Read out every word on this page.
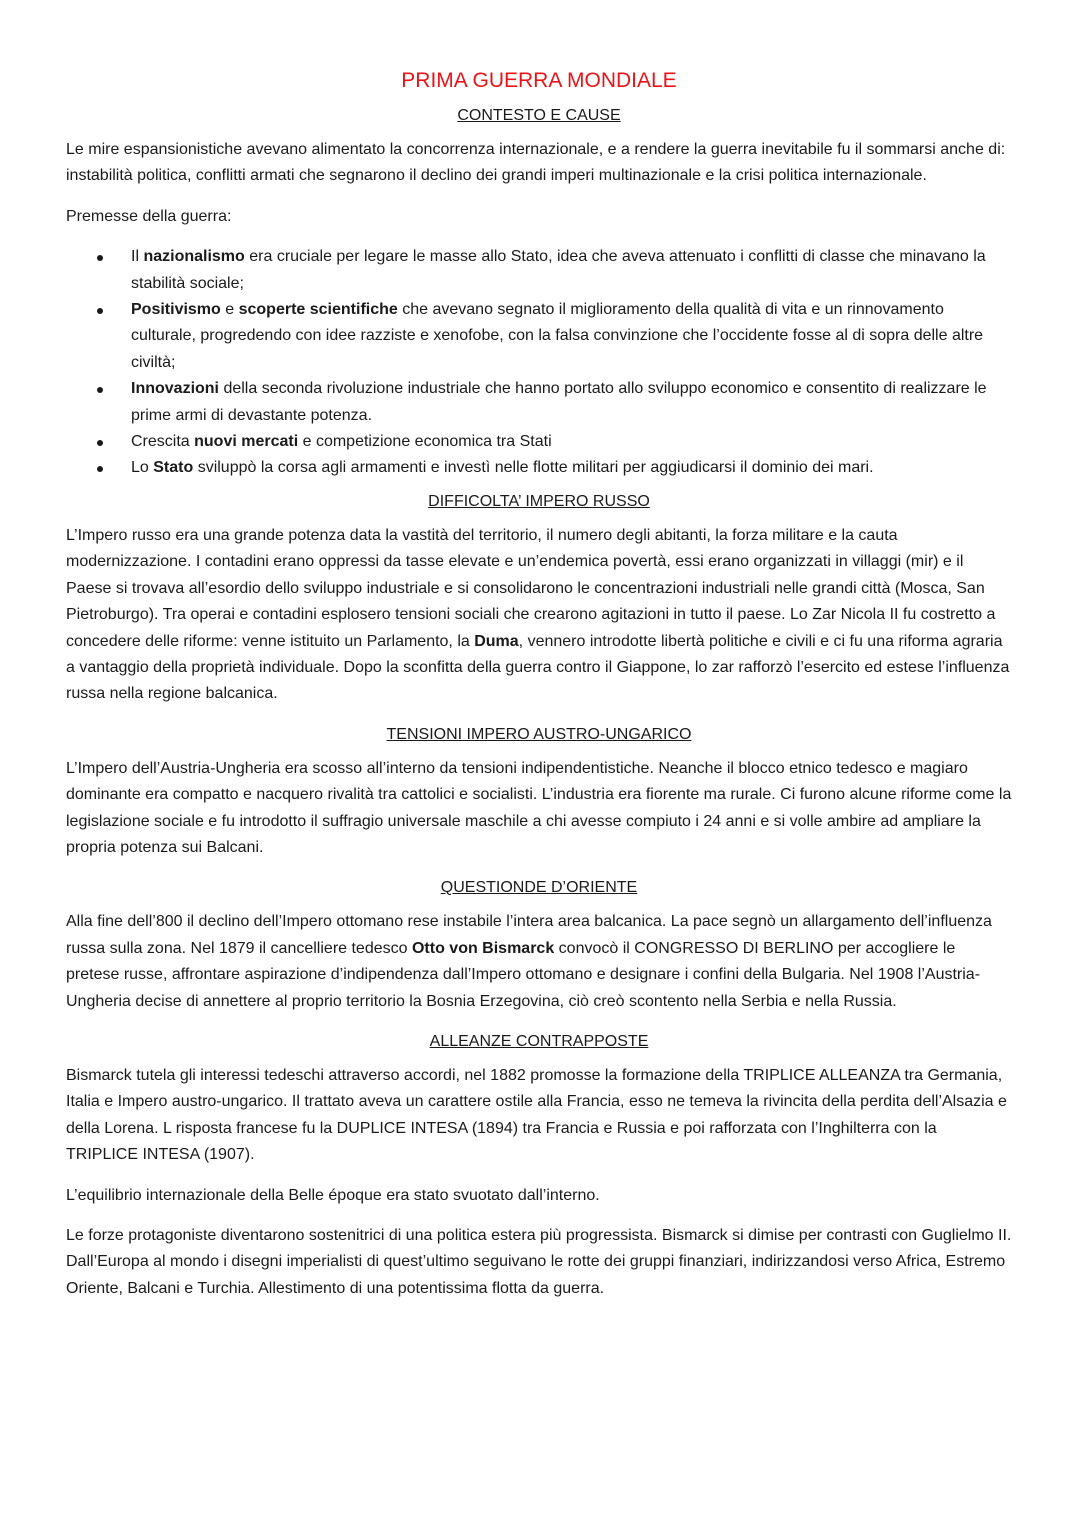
PRIMA GUERRA MONDIALE
CONTESTO E CAUSE

Le mire espansionistiche avevano alimentato la concorrenza internazionale, e a rendere la guerra inevitabile fu il sommarsi anche di: instabilità politica, conflitti armati che segnarono il declino dei grandi imperi multinazionale e la crisi politica internazionale.

Premesse della guerra:

Il nazionalismo era cruciale per legare le masse allo Stato, idea che aveva attenuato i conflitti di classe che minavano la stabilità sociale;
Positivismo e scoperte scientifiche che avevano segnato il miglioramento della qualità di vita e un rinnovamento culturale, progredendo con idee razziste e xenofobe, con la falsa convinzione che l’occidente fosse al di sopra delle altre civiltà;
Innovazioni della seconda rivoluzione industriale che hanno portato allo sviluppo economico e consentito di realizzare le prime armi di devastante potenza.
Crescita nuovi mercati e competizione economica tra Stati
Lo Stato sviluppò la corsa agli armamenti e investì nelle flotte militari per aggiudicarsi il dominio dei mari.
DIFFICOLTA’ IMPERO RUSSO

L’Impero russo era una grande potenza data la vastità del territorio, il numero degli abitanti, la forza militare e la cauta modernizzazione. I contadini erano oppressi da tasse elevate e un’endemica povertà, essi erano organizzati in villaggi (mir) e il Paese si trovava all’esordio dello sviluppo industriale e si consolidarono le concentrazioni industriali nelle grandi città (Mosca, San Pietroburgo). Tra operai e contadini esplosero tensioni sociali che crearono agitazioni in tutto il paese. Lo Zar Nicola II fu costretto a concedere delle riforme: venne istituito un Parlamento, la Duma, vennero introdotte libertà politiche e civili e ci fu una riforma agraria a vantaggio della proprietà individuale. Dopo la sconfitta della guerra contro il Giappone, lo zar rafforzò l’esercito ed estese l’influenza russa nella regione balcanica.

TENSIONI IMPERO AUSTRO-UNGARICO

L’Impero dell’Austria-Ungheria era scosso all’interno da tensioni indipendentistiche. Neanche il blocco etnico tedesco e magiaro dominante era compatto e nacquero rivalità tra cattolici e socialisti. L’industria era fiorente ma rurale. Ci furono alcune riforme come la legislazione sociale e fu introdotto il suffragio universale maschile a chi avesse compiuto i 24 anni e si volle ambire ad ampliare la propria potenza sui Balcani.

QUESTIONDE D’ORIENTE

Alla fine dell’800 il declino dell’Impero ottomano rese instabile l’intera area balcanica. La pace segnò un allargamento dell’influenza russa sulla zona. Nel 1879 il cancelliere tedesco Otto von Bismarck convocò il CONGRESSO DI BERLINO per accogliere le pretese russe, affrontare aspirazione d’indipendenza dall’Impero ottomano e designare i confini della Bulgaria. Nel 1908 l’Austria-Ungheria decise di annettere al proprio territorio la Bosnia Erzegovina, ciò creò scontento nella Serbia e nella Russia.

ALLEANZE CONTRAPPOSTE

Bismarck tutela gli interessi tedeschi attraverso accordi, nel 1882 promosse la formazione della TRIPLICE ALLEANZA tra Germania, Italia e Impero austro-ungarico. Il trattato aveva un carattere ostile alla Francia, esso ne temeva la rivincita della perdita dell’Alsazia e della Lorena. L risposta francese fu la DUPLICE INTESA (1894) tra Francia e Russia e poi rafforzata con l’Inghilterra con la TRIPLICE INTESA (1907).

L’equilibrio internazionale della Belle époque era stato svuotato dall’interno.

Le forze protagoniste diventarono sostenitrici di una politica estera più progressista. Bismarck si dimise per contrasti con Guglielmo II. Dall’Europa al mondo i disegni imperialisti di quest’ultimo seguivano le rotte dei gruppi finanziari, indirizzandosi verso Africa, Estremo Oriente, Balcani e Turchia. Allestimento di una potentissima flotta da guerra.
